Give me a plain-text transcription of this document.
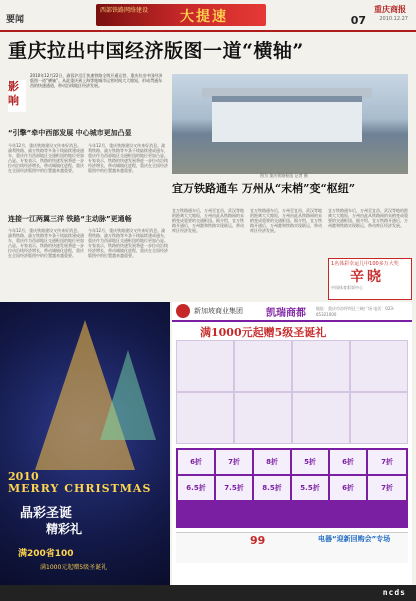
要闻
西部铁路网络建设 大提速	重庆商报
07	2010.12.27
重庆拉出中国经济版图一道“横轴”
影
响
2010年12月22日，渝蓉沪沿江快速铁路全线开通运营，重庆拉出中国经济版图一道“横轴”。从此重庆到上海等地城市运营时间大大缩短，形成贯通东西的快速通道，带动沿线地区经济发展。
“引擎”牵中西部发展 中心城市更加凸显
今年12月，重庆铁路建设又传来好消息。渝利铁路、渝万铁路等多条干线陆续建成通车，重庆作为西部地区交通枢纽的地位更加凸显。专家表示，铁路的快速发展将进一步拉动沿线经济增长，带动城镇化进程，重庆在全国经济版图中的位置越来越重要。
今年12月，重庆铁路建设又传来好消息。渝利铁路、渝万铁路等多条干线陆续建成通车，重庆作为西部地区交通枢纽的地位更加凸显。专家表示，铁路的快速发展将进一步拉动沿线经济增长，带动城镇化进程，重庆在全国经济版图中的位置越来越重要。
连接一江两翼三洋 铁路“主动脉”更通畅
今年12月，重庆铁路建设又传来好消息。渝利铁路、渝万铁路等多条干线陆续建成通车，重庆作为西部地区交通枢纽的地位更加凸显。专家表示，铁路的快速发展将进一步拉动沿线经济增长，带动城镇化进程，重庆在全国经济版图中的位置越来越重要。
今年12月，重庆铁路建设又传来好消息。渝利铁路、渝万铁路等多条干线陆续建成通车，重庆作为西部地区交通枢纽的地位更加凸显。专家表示，铁路的快速发展将进一步拉动沿线经济增长，带动城镇化进程，重庆在全国经济版图中的位置越来越重要。
图为 重庆铁路枢纽 记者 摄
宜万铁路通车 万州从“末梢”变“枢纽”
宜万铁路通车后，万州至宜昌、武汉等地的距离大大缩短，万州由此从铁路网的末梢变成重要的交通枢纽。据介绍，宜万铁路开通后，万州港和铁路实现联运，带动库区经济发展。
宜万铁路通车后，万州至宜昌、武汉等地的距离大大缩短，万州由此从铁路网的末梢变成重要的交通枢纽。据介绍，宜万铁路开通后，万州港和铁路实现联运，带动库区经济发展。
宜万铁路通车后，万州至宜昌、武汉等地的距离大大缩短，万州由此从铁路网的末梢变成重要的交通枢纽。据介绍，宜万铁路开通后，万州港和铁路实现联运，带动库区经济发展。
1名体彩幸运儿中100多万大奖
辛晓
中国体育彩票中心
2010
MERRY CHRISTMAS
晶彩圣诞
精彩礼
满200省100
满1000元起赠5级圣诞礼
新加坡商业集团 凯瑞商都	地址：重庆市沙坪坝区三峡广场 电话：023-65321000
满1000元起赠5级圣诞礼
6折	7折	8折	5折	6折	7折
6.5折	7.5折	8.5折	5.5折	6折	7折
99	电器“迎新回购会”专场
ncds
